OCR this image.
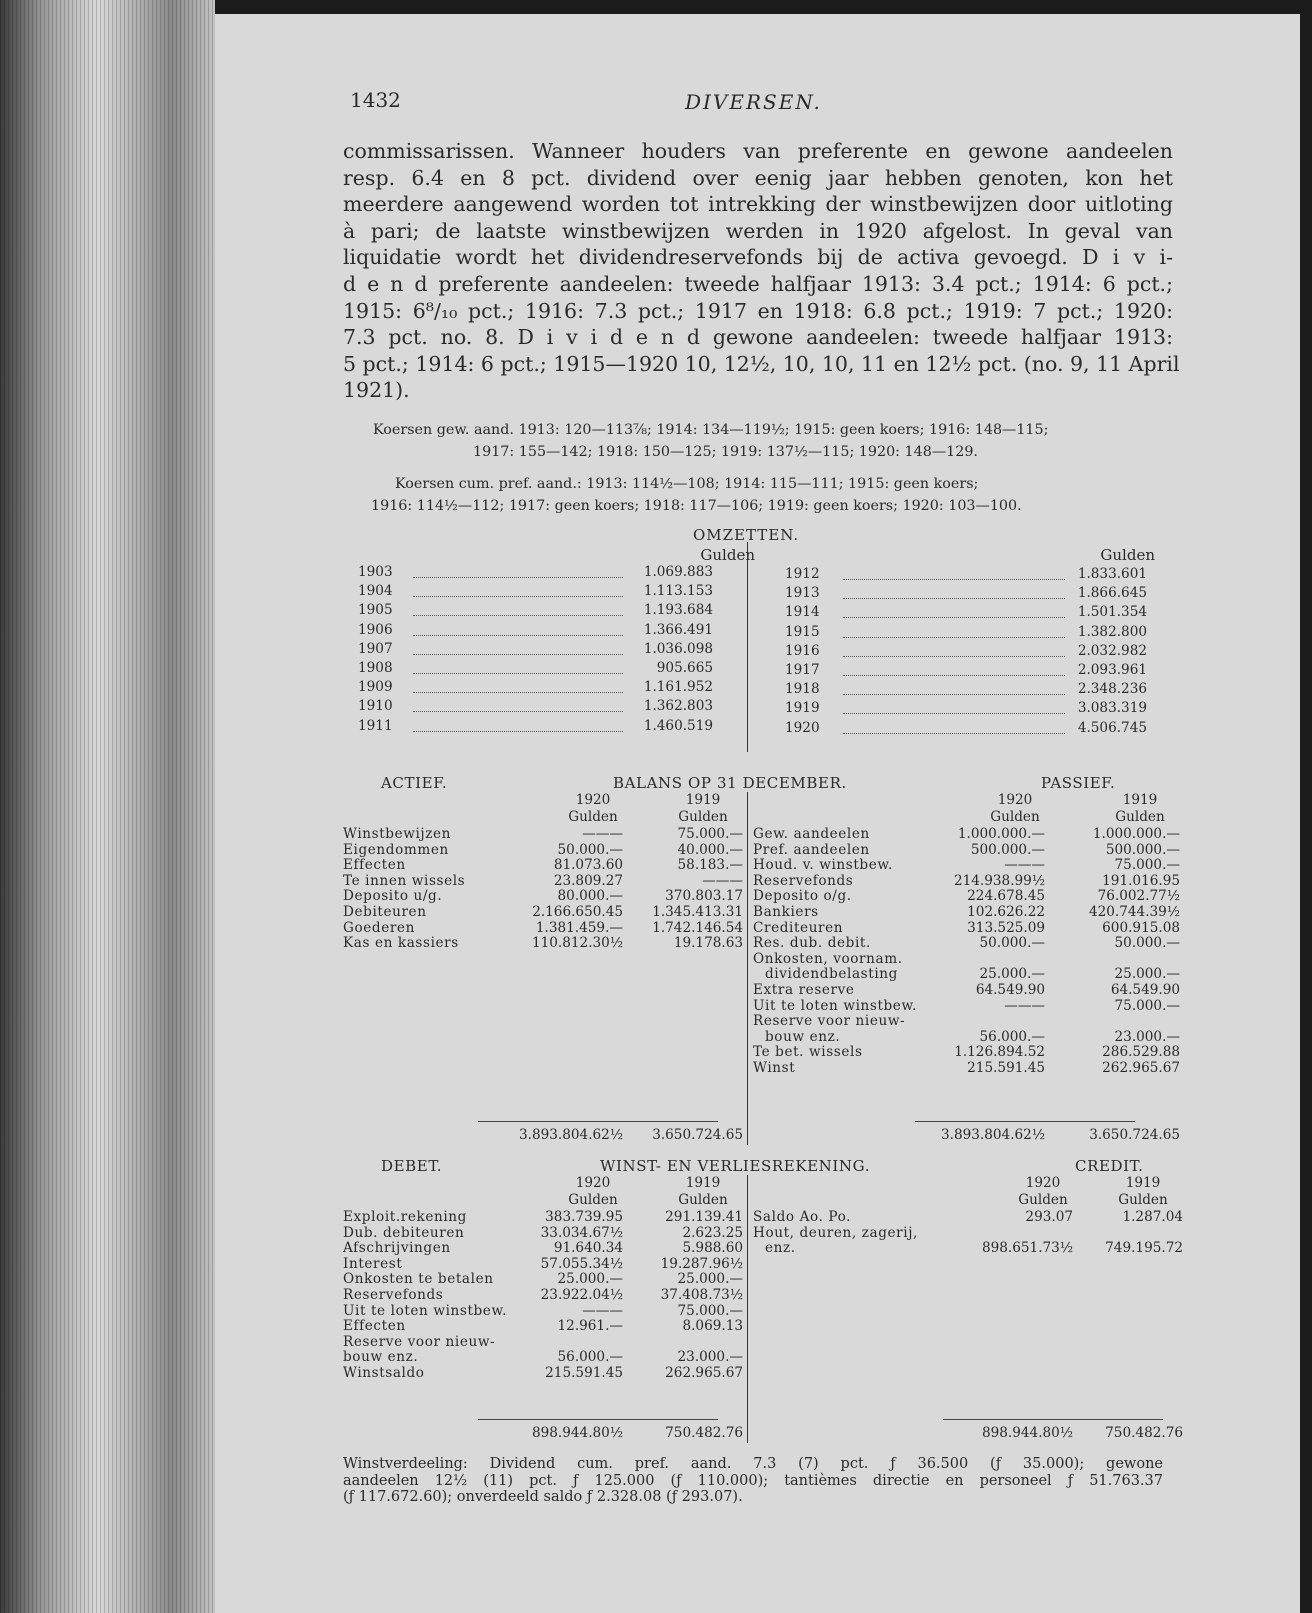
1432	DIVERSEN.
commissarissen. Wanneer houders van preferente en gewone aandeelen
resp. 6.4 en 8 pct. dividend over eenig jaar hebben genoten, kon het
meerdere aangewend worden tot intrekking der winstbewijzen door uitloting
à pari; de laatste winstbewijzen werden in 1920 afgelost. In geval van
liquidatie wordt het dividendreservefonds bij de activa gevoegd. D i v i-
d e n d preferente aandeelen: tweede halfjaar 1913: 3.4 pct.; 1914: 6 pct.;
1915: 6⁸/₁₀ pct.; 1916: 7.3 pct.; 1917 en 1918: 6.8 pct.; 1919: 7 pct.; 1920:
7.3 pct. no. 8. D i v i d e n d gewone aandeelen: tweede halfjaar 1913:
5 pct.; 1914: 6 pct.; 1915—1920 10, 12½, 10, 10, 11 en 12½ pct. (no. 9, 11 April
1921).
Koersen gew. aand. 1913: 120—113⅞; 1914: 134—119½; 1915: geen koers; 1916: 148—115;
1917: 155—142; 1918: 150—125; 1919: 137½—115; 1920: 148—129.
Koersen cum. pref. aand.: 1913: 114½—108; 1914: 115—111; 1915: geen koers;
1916: 114½—112; 1917: geen koers; 1918: 117—106; 1919: geen koers; 1920: 103—100.
OMZETTEN.
Gulden	Gulden
1903	1.069.883
1904	1.113.153
1905	1.193.684
1906	1.366.491
1907	1.036.098
1908	905.665
1909	1.161.952
1910	1.362.803
1911	1.460.519
1912	1.833.601
1913	1.866.645
1914	1.501.354
1915	1.382.800
1916	2.032.982
1917	2.093.961
1918	2.348.236
1919	3.083.319
1920	4.506.745
ACTIEF.	BALANS OP 31 DECEMBER.	PASSIEF.
1920
Gulden
1919
Gulden
1920
Gulden
1919
Gulden
Winstbewijzen	———	75.000.—
Eigendommen	50.000.—	40.000.—
Effecten	81.073.60	58.183.—
Te innen wissels	23.809.27	———
Deposito u/g.	80.000.—	370.803.17
Debiteuren	2.166.650.45	1.345.413.31
Goederen	1.381.459.—	1.742.146.54
Kas en kassiers	110.812.30½	19.178.63
Gew. aandeelen	1.000.000.—	1.000.000.—
Pref. aandeelen	500.000.—	500.000.—
Houd. v. winstbew.	———	75.000.—
Reservefonds	214.938.99½	191.016.95
Deposito o/g.	224.678.45	76.002.77½
Bankiers	102.626.22	420.744.39½
Crediteuren	313.525.09	600.915.08
Res. dub. debit.	50.000.—	50.000.—
Onkosten, voornam.
dividendbelasting	25.000.—	25.000.—
Extra reserve	64.549.90	64.549.90
Uit te loten winstbew.	———	75.000.—
Reserve voor nieuw-
bouw enz.	56.000.—	23.000.—
Te bet. wissels	1.126.894.52	286.529.88
Winst	215.591.45	262.965.67
3.893.804.62½	3.650.724.65	3.893.804.62½	3.650.724.65
DEBET.	WINST- EN VERLIESREKENING.	CREDIT.
1920
Gulden
1919
Gulden
1920
Gulden
1919
Gulden
Exploit.rekening	383.739.95	291.139.41
Dub. debiteuren	33.034.67½	2.623.25
Afschrijvingen	91.640.34	5.988.60
Interest	57.055.34½	19.287.96½
Onkosten te betalen	25.000.—	25.000.—
Reservefonds	23.922.04½	37.408.73½
Uit te loten winstbew.	———	75.000.—
Effecten	12.961.—	8.069.13
Reserve voor nieuw-
bouw enz.	56.000.—	23.000.—
Winstsaldo	215.591.45	262.965.67
Saldo Ao. Po.	293.07	1.287.04
Hout, deuren, zagerij,
enz.	898.651.73½	749.195.72
898.944.80½	750.482.76	898.944.80½	750.482.76
Winstverdeeling: Dividend cum. pref. aand. 7.3 (7) pct. ƒ 36.500 (ƒ 35.000); gewone
aandeelen 12½ (11) pct. ƒ 125.000 (ƒ 110.000); tantièmes directie en personeel ƒ 51.763.37
(ƒ 117.672.60); onverdeeld saldo ƒ 2.328.08 (ƒ 293.07).
